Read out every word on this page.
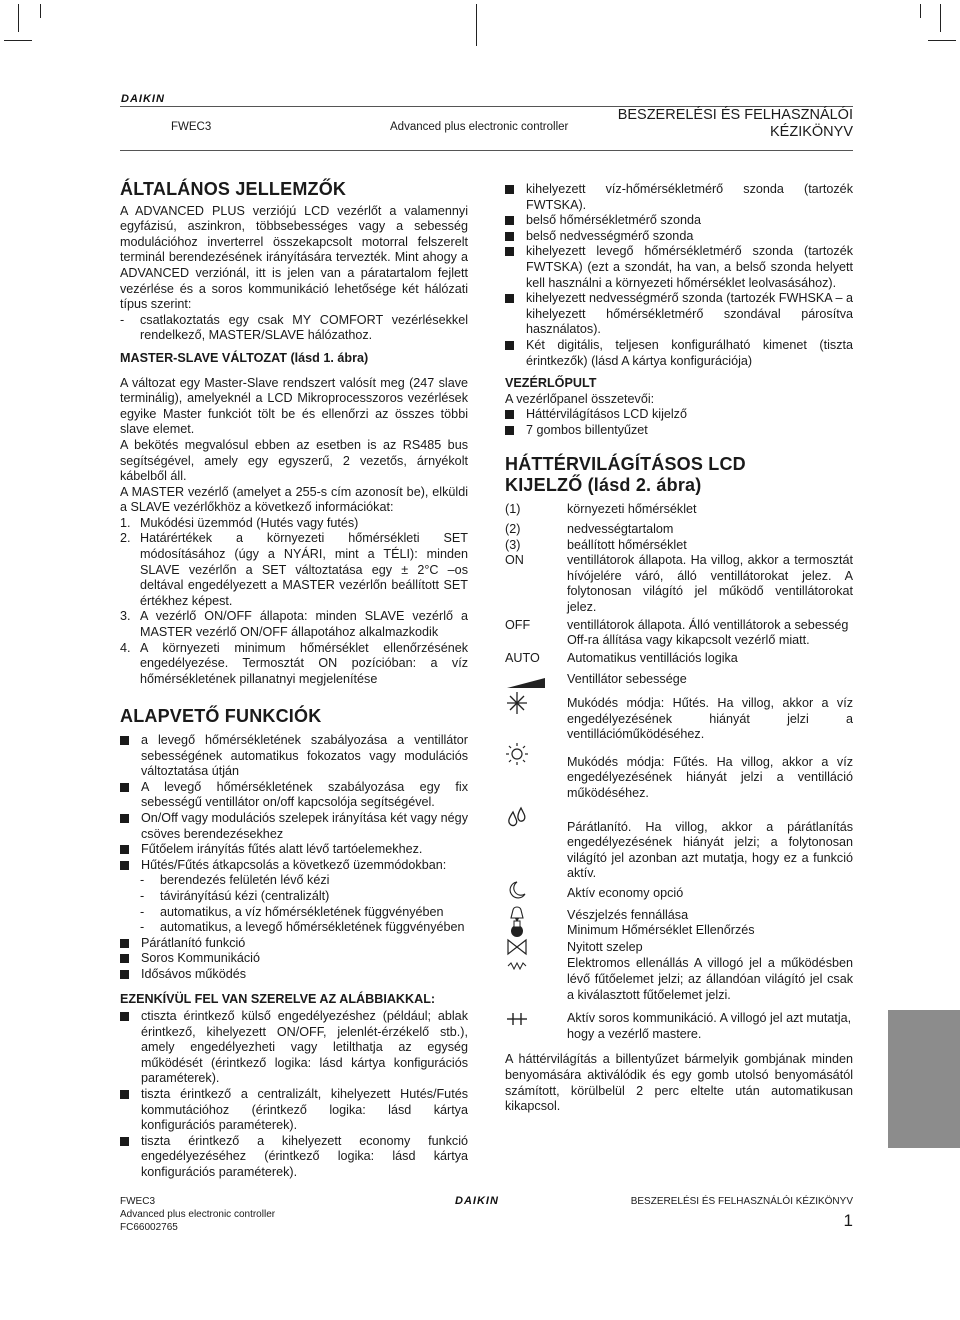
DAIKIN
FWEC3	Advanced plus electronic controller
BESZERELÉSI ÉS FELHASZNÁLÓI
KÉZIKÖNYV
ÁLTALÁNOS JELLEMZŐK

A ADVANCED PLUS verziójú LCD vezérlőt a valamennyi egyfázisú, aszinkron, többsebességes vagy a sebesség modulációhoz inverterrel összekapcsolt motorral felszerelt terminál berendezésének irányítására tervezték. Mint ahogy a ADVANCED verziónál, itt is jelen van a páratartalom fejlett vezérlése és a soros kommunikáció lehetősége két hálózati típus szerint:

- csatlakoztatás egy csak MY COMFORT vezérlésekkel rendelkező, MASTER/SLAVE hálózathoz.
MASTER-SLAVE VÁLTOZAT (lásd 1. ábra)

A változat egy Master-Slave rendszert valósít meg (247 slave terminálig), amelyeknél a LCD Mikroprocesszoros vezérlések egyike Master funkciót tölt be és ellenőrzi az összes többi slave elemet.

A bekötés megvalósul ebben az esetben is az RS485 bus segítségével, amely egy egyszerű, 2 vezetős, árnyékolt kábelből áll.

A MASTER vezérlő (amelyet a 255-s cím azonosít be), elküldi a SLAVE vezérlőkhöz a következő információkat:

1. Mukódési üzemmód (Hutés vagy futés)
2. Határértékek a környezeti hőmérsékleti SET módosításához (úgy a NYÁRI, mint a TÉLI): minden SLAVE vezérlőn a SET változtatása egy ± 2°C –os deltával engedélyezett a MASTER vezérlőn beállított SET értékhez képest.
3. A vezérlő ON/OFF állapota: minden SLAVE vezérlő a MASTER vezérlő ON/OFF állapotához alkalmazkodik
4. A környezeti minimum hőmérséklet ellenőrzésének engedélyezése. Termosztát ON pozícióban: a víz hőmérsékletének pillanatnyi megjelenítése
ALAPVETŐ FUNKCIÓK
a levegő hőmérsékletének szabályozása a ventillátor sebességének automatikus fokozatos vagy modulációs változtatása útján
A levegő hőmérsékletének szabályozása egy fix sebességű ventillátor on/off kapcsolója segítségével.
On/Off vagy modulációs szelepek irányítása két vagy négy csöves berendezésekhez
Fűtőelem irányítás fűtés alatt lévő tartóelemekhez.
Hűtés/Fűtés átkapcsolás a következő üzemmódokban:
- berendezés felületén lévő kézi
- távirányítású kézi (centralizált)
- automatikus, a víz hőmérsékletének függvényében
- automatikus, a levegő hőmérsékletének függvényében
Párátlanító funkció
Soros Kommunikáció
Idősávos működés
EZENKÍVÜL FEL VAN SZERELVE AZ ALÁBBIAKKAL:
ctiszta érintkező külső engedélyezéshez (például; ablak érintkező, kihelyezett ON/OFF, jelenlét-érzékelő stb.), amely engedélyezheti vagy letilthatja az egység működését (érintkező logika: lásd kártya konfigurációs paraméterek).
tiszta érintkező a centralizált, kihelyezett Hutés/Futés kommutációhoz (érintkező logika: lásd kártya konfigurációs paraméterek).
tiszta érintkező a kihelyezett economy funkció engedélyezéséhez (érintkező logika: lásd kártya konfigurációs paraméterek).
kihelyezett víz-hőmérsékletmérő szonda (tartozék FWTSKA).
belső hőmérsékletmérő szonda
belső nedvességmérő szonda
kihelyezett levegő hőmérsékletmérő szonda (tartozék FWTSKA) (ezt a szondát, ha van, a belső szonda helyett kell használni a környezeti hőmérséklet leolvasásához).
kihelyezett nedvességmérő szonda (tartozék FWHSKA – a kihelyezett hőmérsékletmérő szondával párosítva használatos).
Két digitális, teljesen konfigurálható kimenet (tiszta érintkezők) (lásd A kártya konfigurációja)
VEZÉRLŐPULT

A vezérlőpanel összetevői:

Háttérvilágításos LCD kijelző
7 gombos billentyűzet
HÁTTÉRVILÁGÍTÁSOS LCD KIJELZŐ (lásd 2. ábra)
(1)	környezeti hőmérséklet
(2)	nedvességtartalom
(3)	beállított hőmérséklet
ON	ventillátorok állapota. Ha villog, akkor a termosztát hívójelére váró, álló ventillátorokat jelez. A folytonosan világító jel működő ventillátorokat jelez.
OFF	ventillátorok állapota. Álló ventillátorok a sebesség Off-ra állítása vagy kikapcsolt vezérlő miatt.
AUTO Automatikus ventillációs logika
Ventillátor sebessége
Mukódés módja: Hűtés. Ha villog, akkor a víz engedélyezésének hiányát jelzi a ventillációműködéséhez.
Mukódés módja: Fűtés. Ha villog, akkor a víz engedélyezésének hiányát jelzi a ventilláció működéséhez.
Párátlanító. Ha villog, akkor a párátlanítás engedélyezésének hiányát jelzi; a folytonosan világító jel azonban azt mutatja, hogy ez a funkció aktív.
Aktív economy opció
Vészjelzés fennállása
Minimum Hőmérséklet Ellenőrzés
Nyitott szelep
Elektromos ellenállás A villogó jel a működésben lévő fűtőelemet jelzi; az állandóan világító jel csak a kiválasztott fűtőelemet jelzi.
Aktív soros kommunikáció. A villogó jel azt mutatja, hogy a vezérlő mastere.

A háttérvilágítás a billentyűzet bármelyik gombjának minden benyomására aktiválódik és egy gomb utolsó benyomásától számított, körülbelül 2 perc eltelte után automatikusan kikapcsol.

FWEC3
Advanced plus electronic controller
FC66002765
DAIKIN	BESZERELÉSI ÉS FELHASZNÁLÓI KÉZIKÖNYV
1
